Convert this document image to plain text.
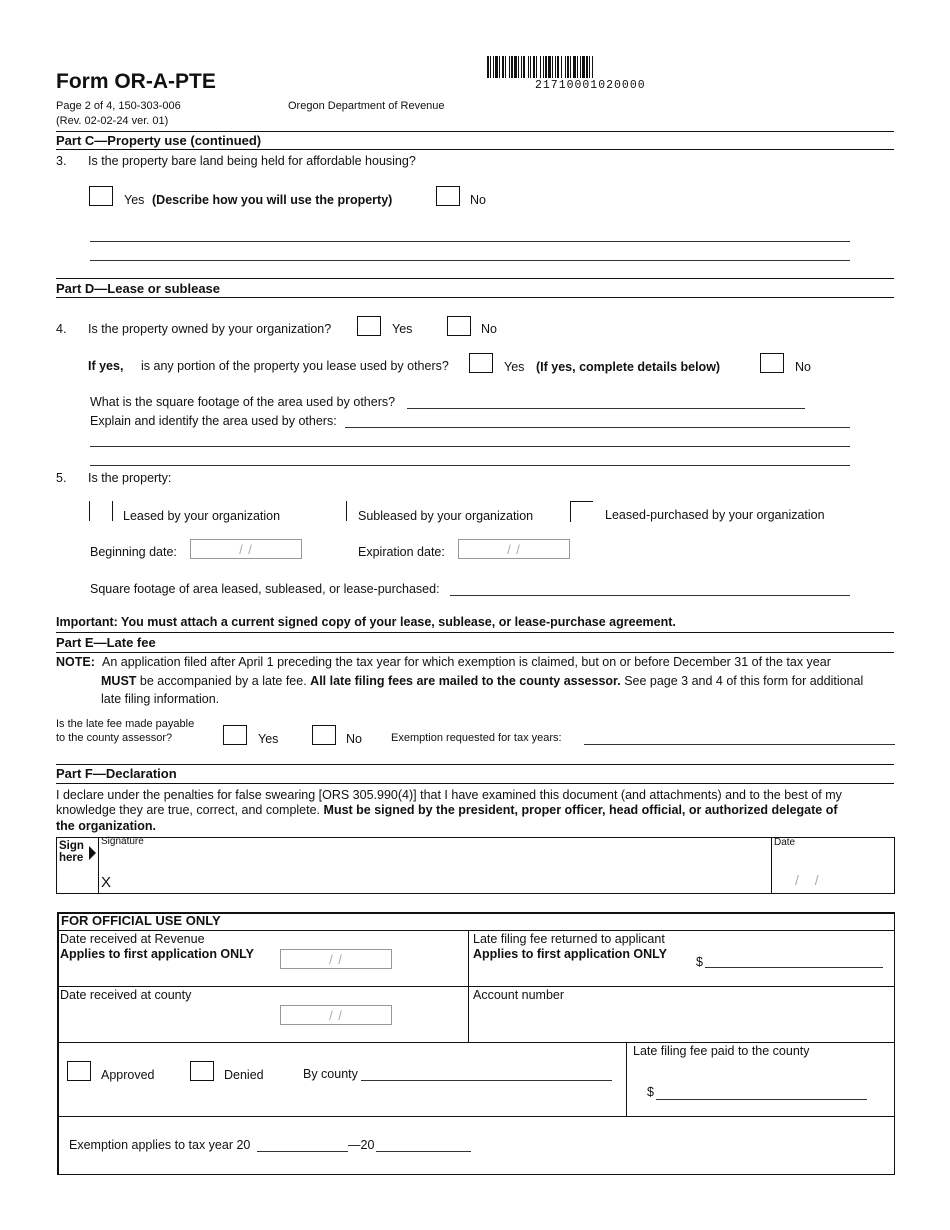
Form OR-A-PTE
Page 2 of 4, 150-303-006
(Rev. 02-02-24 ver. 01)
Oregon Department of Revenue
21710001020000
Part C—Property use (continued)
3. Is the property bare land being held for affordable housing?
Yes (Describe how you will use the property)	No
Part D—Lease or sublease
4. Is the property owned by your organization?	Yes	No
If yes, is any portion of the property you lease used by others?	Yes (If yes, complete details below)	No
What is the square footage of the area used by others?
Explain and identify the area used by others:
5. Is the property:
Leased by your organization	Subleased by your organization	Leased-purchased by your organization
Beginning date:	/ /	Expiration date:	/ /
Square footage of area leased, subleased, or lease-purchased:
Important: You must attach a current signed copy of your lease, sublease, or lease-purchase agreement.
Part E—Late fee
NOTE: An application filed after April 1 preceding the tax year for which exemption is claimed, but on or before December 31 of the tax year
MUST be accompanied by a late fee. All late filing fees are mailed to the county assessor. See page 3 and 4 of this form for additional
late filing information.
Is the late fee made payable
to the county assessor?	Yes	No	Exemption requested for tax years:
Part F—Declaration
I declare under the penalties for false swearing [ORS 305.990(4)] that I have examined this document (and attachments) and to the best of my
knowledge they are true, correct, and complete. Must be signed by the president, proper officer, head official, or authorized delegate of
the organization.
Sign here
Signature
X
Date
/ /
FOR OFFICIAL USE ONLY
Date received at Revenue
Applies to first application ONLY	/ /
Late filing fee returned to applicant
Applies to first application ONLY
$
Date received at county
/ /
Account number
Approved	Denied	By county
Late filing fee paid to the county
$
Exemption applies to tax year 20	—20
